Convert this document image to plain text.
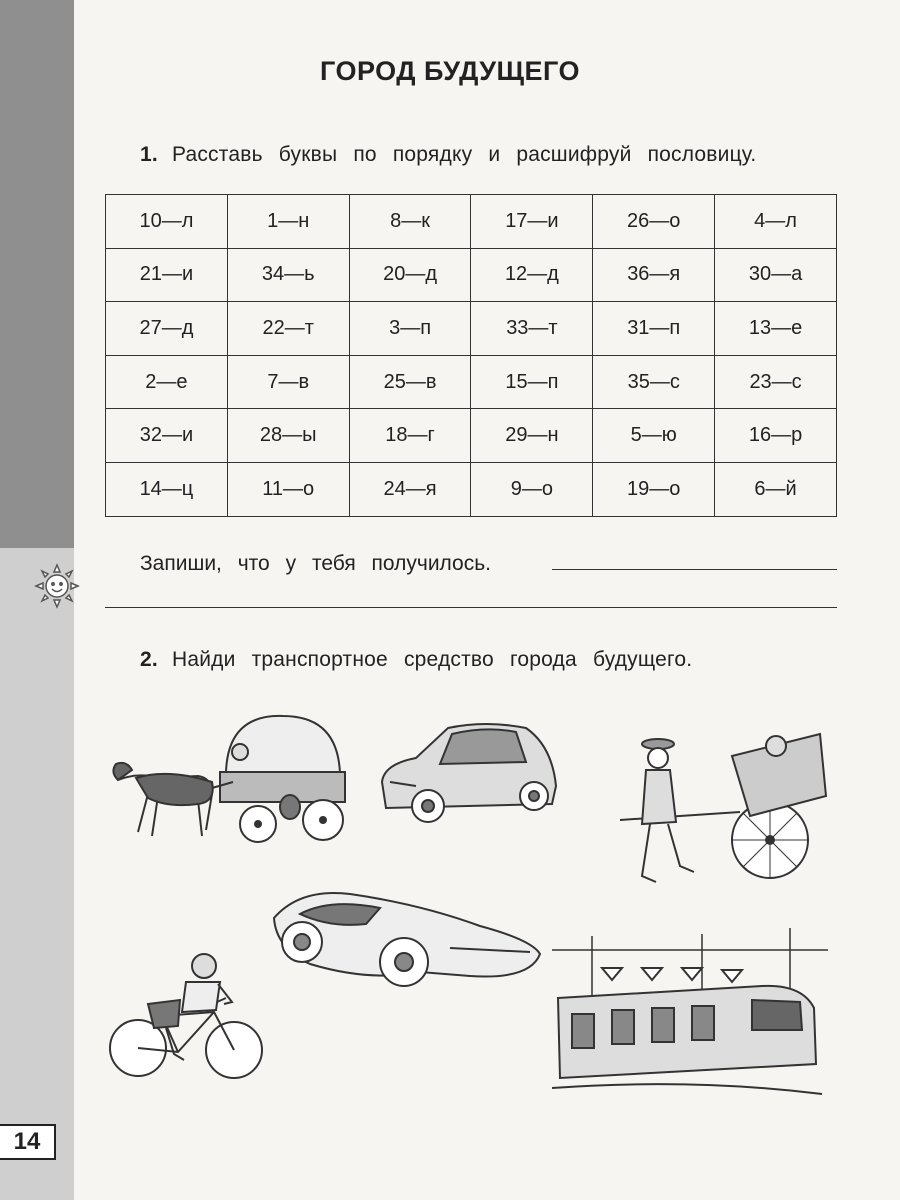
14
ГОРОД БУДУЩЕГО
1. Расставь буквы по порядку и расшифруй пословицу.
10—л	1—н	8—к	17—и	26—о	4—л
21—и	34—ь	20—д	12—д	36—я	30—а
27—д	22—т	3—п	33—т	31—п	13—е
2—е	7—в	25—в	15—п	35—с	23—с
32—и	28—ы	18—г	29—н	5—ю	16—р
14—ц	11—о	24—я	9—о	19—о	6—й
Запиши, что у тебя получилось.
2. Найди транспортное средство города будущего.
